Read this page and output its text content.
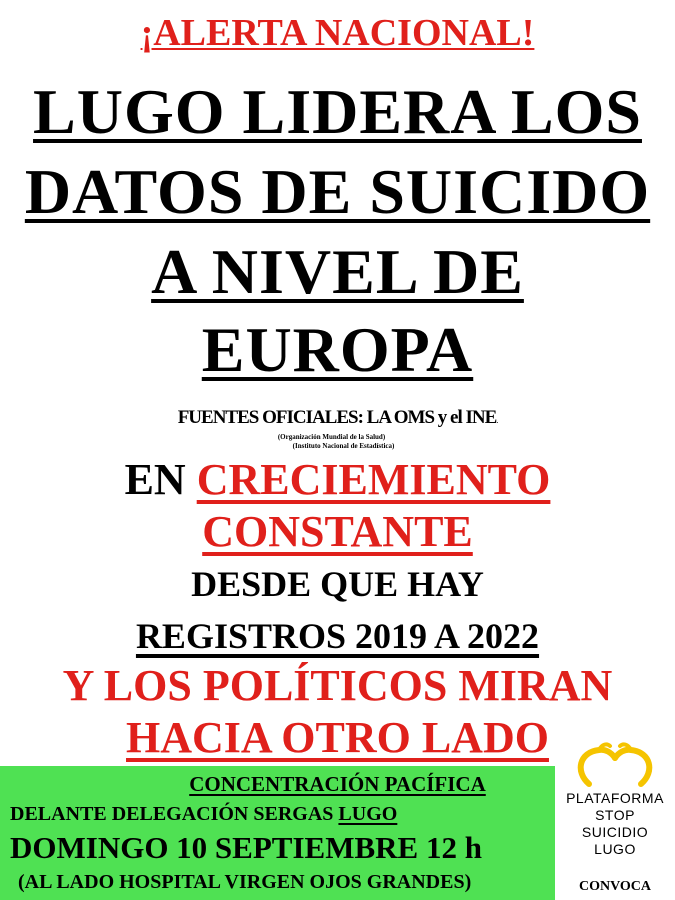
¡ALERTA NACIONAL!
LUGO LIDERA LOS
DATOS DE SUICIDO
A NIVEL DE
EUROPA
FUENTES OFICIALES: LA OMS y el INE.
(Organización Mundial de la Salud)
(Instituto Nacional de Estadística)
EN CRECIEMIENTO
CONSTANTE
DESDE QUE HAY
REGISTROS 2019 A 2022
Y LOS POLÍTICOS MIRAN
HACIA OTRO LADO
CONCENTRACIÓN PACÍFICA
DELANTE DELEGACIÓN SERGAS LUGO
DOMINGO 10 SEPTIEMBRE 12 h
(AL LADO HOSPITAL VIRGEN OJOS GRANDES)
PLATAFORMA
STOP
SUICIDIO
LUGO
CONVOCA
